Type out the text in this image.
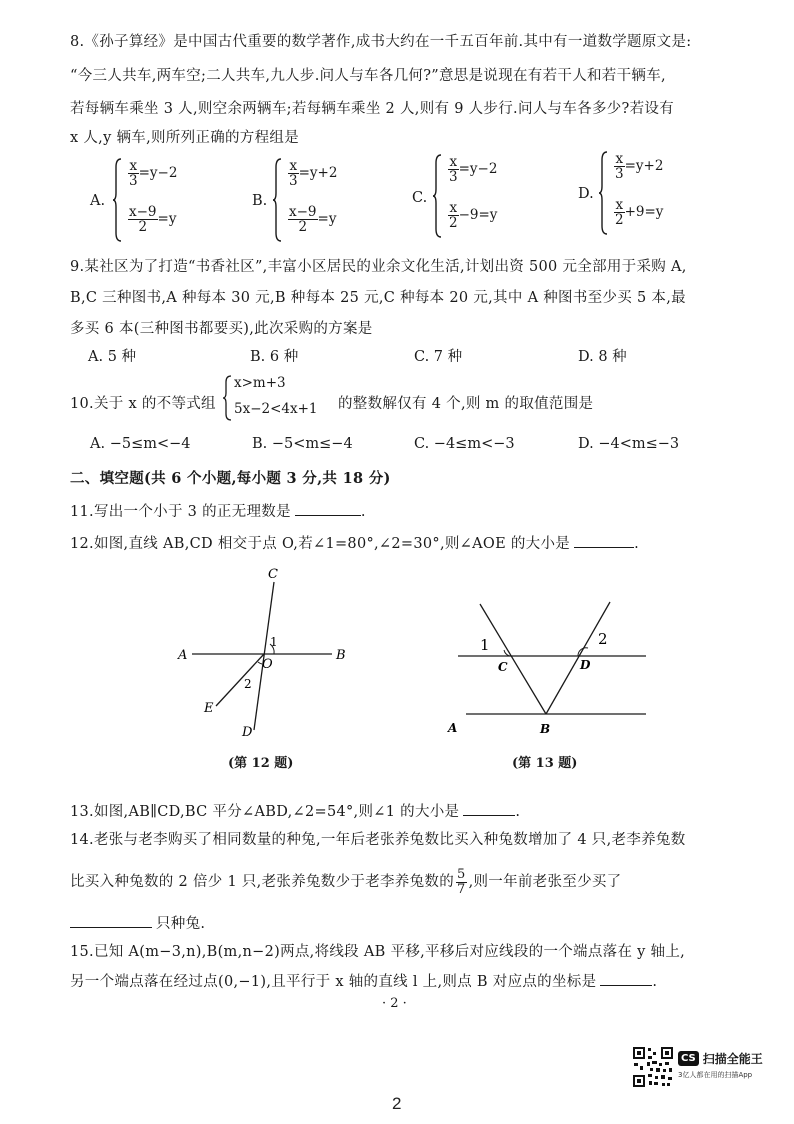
8.《孙子算经》是中国古代重要的数学著作,成书大约在一千五百年前.其中有一道数学题原文是:
“今三人共车,两车空;二人共车,九人步.问人与车各几何?”意思是说现在有若干人和若干辆车,
若每辆车乘坐 3 人,则空余两辆车;若每辆车乘坐 2 人,则有 9 人步行.问人与车各多少?若设有
x 人,y 辆车,则所列正确的方程组是
A.
$\frac{x}{3} =y-2$
$\frac{x-9}{2} =y$
B.
$\frac{x}{3} =y+2$
$\frac{x-9}{2} =y$
C.
$\frac{x}{3} =y-2$
$\frac{x}{2} -9=y$
D.
$\frac{x}{3} =y+2$
$\frac{x}{2} +9=y$
9.某社区为了打造“书香社区”,丰富小区居民的业余文化生活,计划出资 500 元全部用于采购 A,
B,C 三种图书,A 种每本 30 元,B 种每本 25 元,C 种每本 20 元,其中 A 种图书至少买 5 本,最
多买 6 本(三种图书都要买),此次采购的方案是
A. 5 种	B. 6 种	C. 7 种	D. 8 种
10.关于 x 的不等式组
x>m+3
5x−2<4x+1 的整数解仅有 4 个,则 m 的取值范围是
A. −5≤m<−4	B. −5<m≤−4	C. −4≤m<−3	D. −4<m≤−3
二、填空题(共 6 个小题,每小题 3 分,共 18 分)
11.写出一个小于 3 的正无理数是	.
12.如图,直线 AB,CD 相交于点 O,若∠1=80°,∠2=30°,则∠AOE 的大小是	.
A	B
C
D
E
O
1
2
(第 12 题)
1	2
C	D
A	B
(第 13 题)
13.如图,AB∥CD,BC 平分∠ABD,∠2=54°,则∠1 的大小是	.
14.老张与老李购买了相同数量的种兔,一年后老张养兔数比买入种兔数增加了 4 只,老李养兔数
比买入种兔数的 2 倍少 1 只,老张养兔数少于老李养兔数的 $\frac{5}{7}$ ,则一年前老张至少买了
只种兔.
15.已知 A(m−3,n),B(m,n−2)两点,将线段 AB 平移,平移后对应线段的一个端点落在 y 轴上,
另一个端点落在经过点(0,−1),且平行于 x 轴的直线 l 上,则点 B 对应点的坐标是	.
· 2 ·
CS 扫描全能王
3亿人都在用的扫描App
2
